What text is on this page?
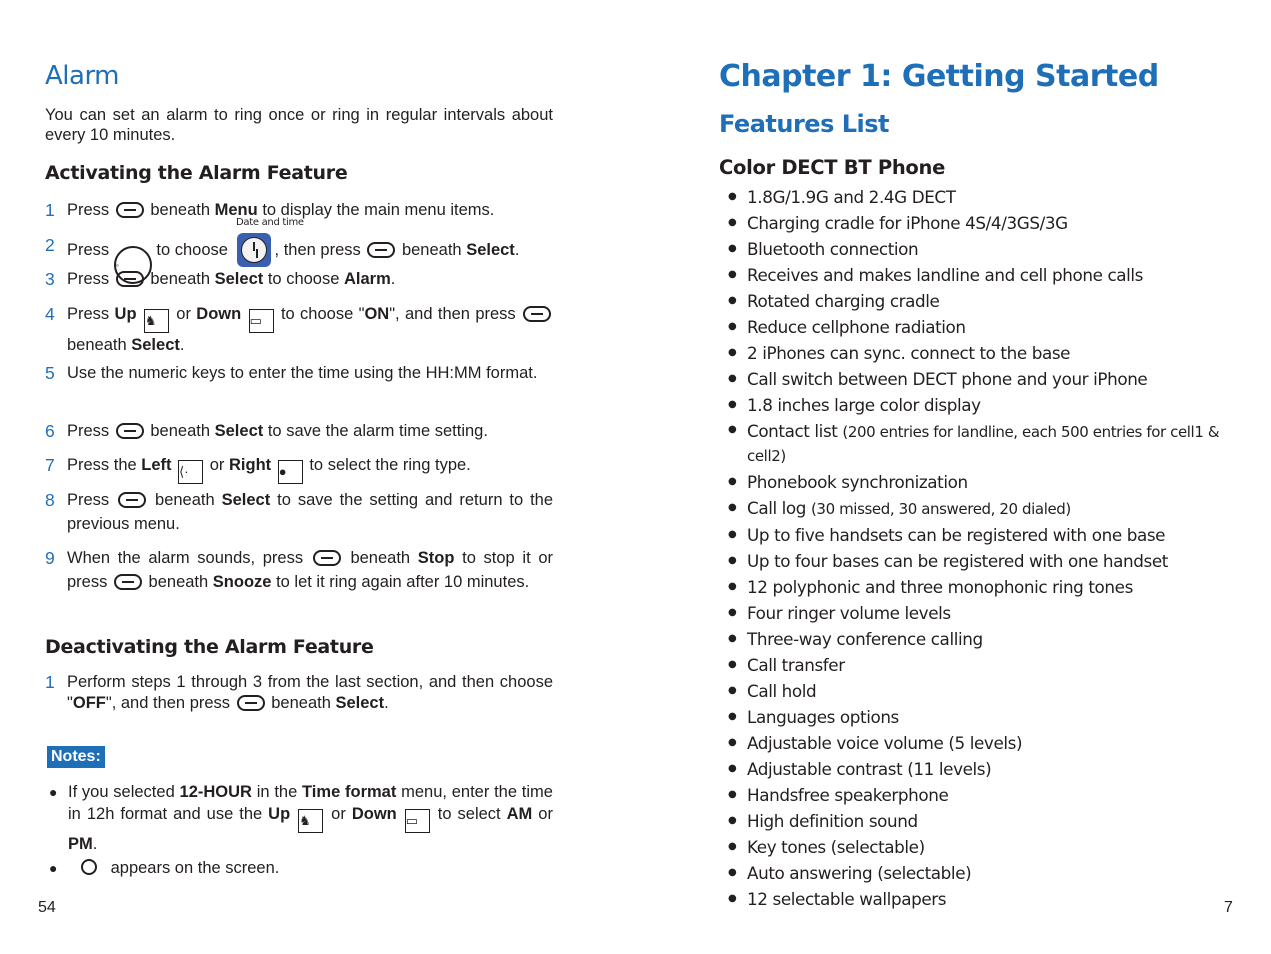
Alarm

You can set an alarm to ring once or ring in regular intervals about every 10 minutes.

Activating the Alarm Feature
1 Press beneath Menu to display the main menu items.
Date and time
2 Press ◦ to choose	, then press beneath Select.
3 Press beneath Select to choose Alarm.
4 Press Up ♞ or Down ▭ to choose "ON", and then press  beneath Select.
5 Use the numeric keys to enter the time using the HH:MM format.
6 Press beneath Select to save the alarm time setting.
7 Press the Left ⟨· or Right ● to select the ring type.
8 Press	beneath Select to save the setting and return to the previous menu.
9 When the alarm sounds, press	beneath Stop to stop it or press beneath Snooze to let it ring again after 10 minutes.
Deactivating the Alarm Feature
1 Perform steps 1 through 3 from the last section, and then choose "OFF", and then press beneath Select.
Notes:
● If you selected 12-HOUR in the Time format menu, enter the time in 12h format and use the Up ♞ or Down ▭ to select AM or PM.
●	appears on the screen.
54
Chapter 1: Getting Started
Features List
Color DECT BT Phone
● 1.8G/1.9G and 2.4G DECT
● Charging cradle for iPhone 4S/4/3GS/3G
● Bluetooth connection
● Receives and makes landline and cell phone calls
● Rotated charging cradle
● Reduce cellphone radiation
● 2 iPhones can sync. connect to the base
● Call switch between DECT phone and your iPhone
● 1.8 inches large color display
● Contact list (200 entries for landline, each 500 entries for cell1 & cell2)
● Phonebook synchronization
● Call log (30 missed, 30 answered, 20 dialed)
● Up to five handsets can be registered with one base
● Up to four bases can be registered with one handset
● 12 polyphonic and three monophonic ring tones
● Four ringer volume levels
● Three-way conference calling
● Call transfer
● Call hold
● Languages options
● Adjustable voice volume (5 levels)
● Adjustable contrast (11 levels)
● Handsfree speakerphone
● High definition sound
● Key tones (selectable)
● Auto answering (selectable)
● 12 selectable wallpapers	7
